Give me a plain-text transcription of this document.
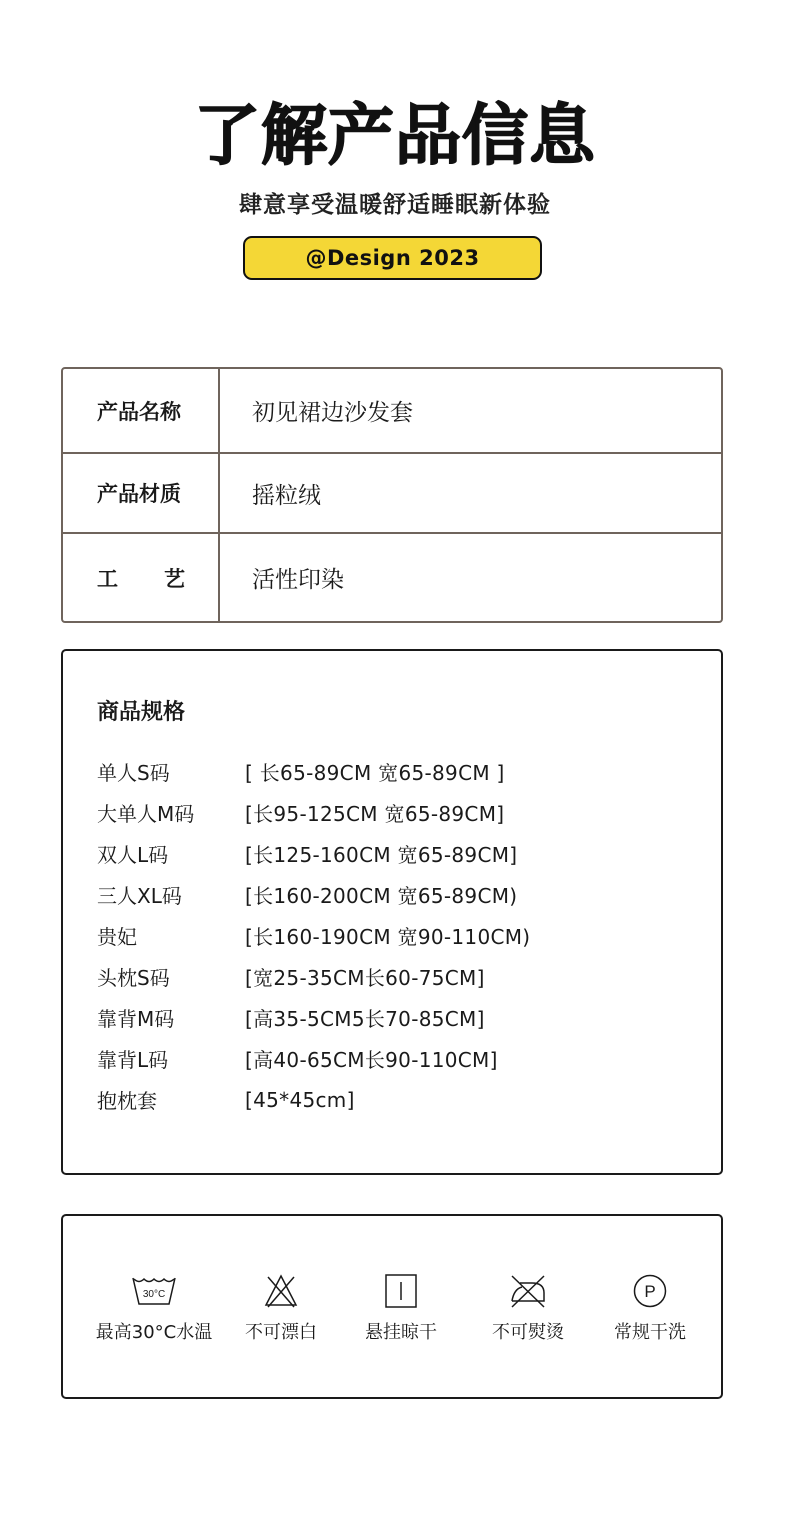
了解产品信息
肆意享受温暖舒适睡眠新体验
@Design 2023
产品名称	初见裙边沙发套
产品材质	摇粒绒
工 艺	活性印染
商品规格
单人S码	[ 长65-89CM 宽65-89CM ]
大单人M码	[长95-125CM 宽65-89CM]
双人L码	[长125-160CM 宽65-89CM]
三人XL码	[长160-200CM 宽65-89CM)
贵妃	[长160-190CM 宽90-110CM)
头枕S码	[宽25-35CM长60-75CM]
靠背M码	[高35-5CM5长70-85CM]
靠背L码	[高40-65CM长90-110CM]
抱枕套	[45*45cm]
30°C
最高30°C水温	不可漂白	悬挂晾干	不可熨烫
P
常规干洗
